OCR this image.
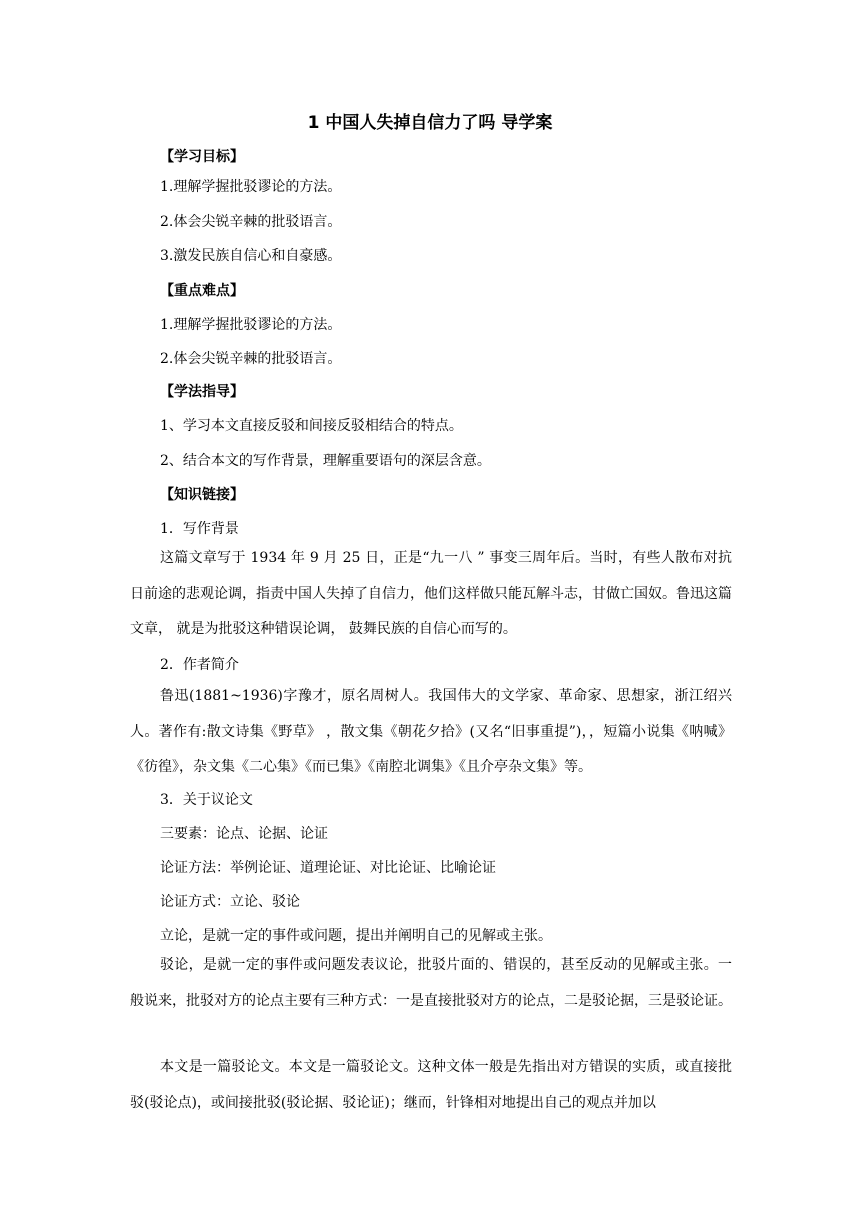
1 中国人失掉自信力了吗 导学案
【学习目标】
1.理解学握批驳谬论的方法。
2.体会尖锐辛棘的批驳语言。
3.激发民族自信心和自豪感。
【重点难点】
1.理解学握批驳谬论的方法。
2.体会尖锐辛棘的批驳语言。
【学法指导】
1、学习本文直接反驳和间接反驳相结合的特点。
2、结合本文的写作背景，理解重要语句的深层含意。
【知识链接】
1．写作背景

这篇文章写于 1934 年 9 月 25 日，正是“九一八 ” 事变三周年后。当时，有些人散布对抗日前途的悲观论调，指责中国人失掉了自信力，他们这样做只能瓦解斗志，甘做亡国奴。鲁迅这篇文章， 就是为批驳这种错误论调， 鼓舞民族的自信心而写的。

2．作者简介

鲁迅(1881~1936)字豫才，原名周树人。我国伟大的文学家、革命家、思想家，浙江绍兴人。著作有:散文诗集《野草》 ，散文集《朝花夕拾》(又名“旧事重提”)，，短篇小说集《呐喊》《彷徨》，杂文集《二心集》《而已集》《南腔北调集》《且介亭杂文集》等。

3．关于议论文
三要素：论点、论据、论证
论证方法：举例论证、道理论证、对比论证、比喻论证
论证方式：立论、驳论
立论，是就一定的事件或问题，提出并阐明自己的见解或主张。

驳论，是就一定的事件或问题发表议论，批驳片面的、错误的，甚至反动的见解或主张。一般说来，批驳对方的论点主要有三种方式：一是直接批驳对方的论点，二是驳论据，三是驳论证。

本文是一篇驳论文。本文是一篇驳论文。这种文体一般是先指出对方错误的实质，或直接批驳(驳论点)，或间接批驳(驳论据、驳论证)；继而，针锋相对地提出自己的观点并加以
